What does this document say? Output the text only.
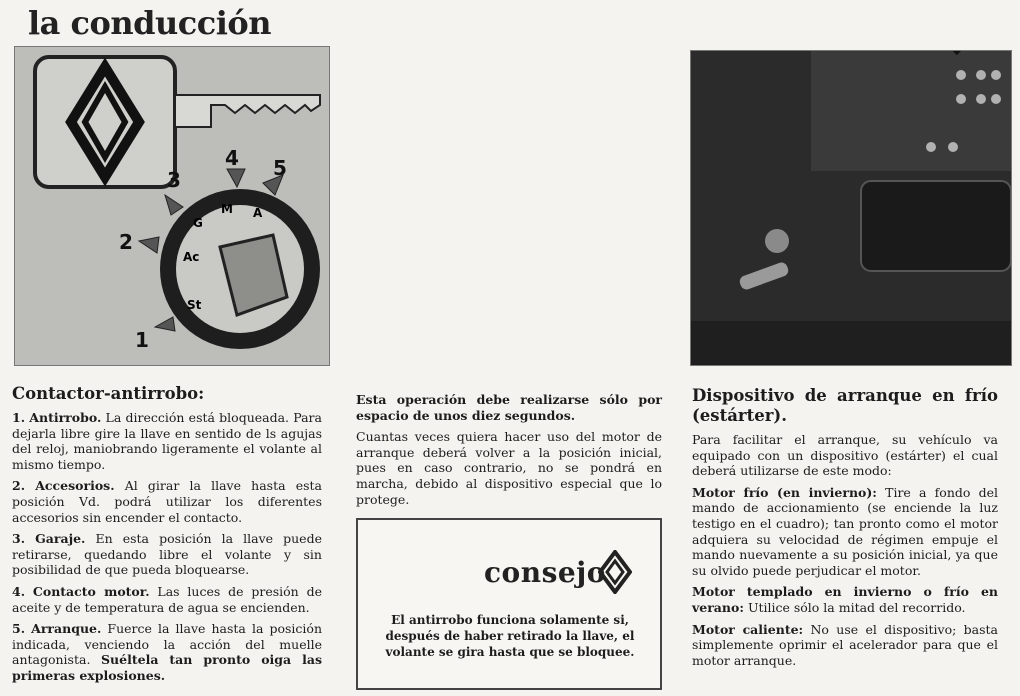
la conducción
St
Ac
G
M A
1
2
3
4 5
Contactor-antirrobo:

1. Antirrobo. La dirección está bloqueada. Para dejarla libre gire la llave en sentido de ls agujas del reloj, maniobrando ligeramente el volante al mismo tiempo.

2. Accesorios. Al girar la llave hasta esta posición Vd. podrá utilizar los diferentes accesorios sin encender el contacto.

3. Garaje. En esta posición la llave puede retirarse, quedando libre el volante y sin posibilidad de que pueda bloquearse.

4. Contacto motor. Las luces de presión de aceite y de temperatura de agua se encienden.

5. Arranque. Fuerce la llave hasta la posición indicada, venciendo la acción del muelle antagonista. Suéltela tan pronto oiga las primeras explosiones.

Esta operación debe realizarse sólo por espacio de unos diez segundos.

Cuantas veces quiera hacer uso del motor de arranque deberá volver a la posición inicial, pues en caso contrario, no se pondrá en marcha, debido al dispositivo especial que lo protege.

consejo
El antirrobo funciona solamente si, después de haber retirado la llave, el volante se gira hasta que se bloquee.
Dispositivo de arranque en frío (estárter).

Para facilitar el arranque, su vehículo va equipado con un dispositivo (estárter) el cual deberá utilizarse de este modo:

Motor frío (en invierno): Tire a fondo del mando de accionamiento (se enciende la luz testigo en el cuadro); tan pronto como el motor adquiera su velocidad de régimen empuje el mando nuevamente a su posición inicial, ya que su olvido puede perjudicar el motor.

Motor templado en invierno o frío en verano: Utilice sólo la mitad del recorrido.

Motor caliente: No use el dispositivo; basta simplemente oprimir el acelerador para que el motor arranque.
